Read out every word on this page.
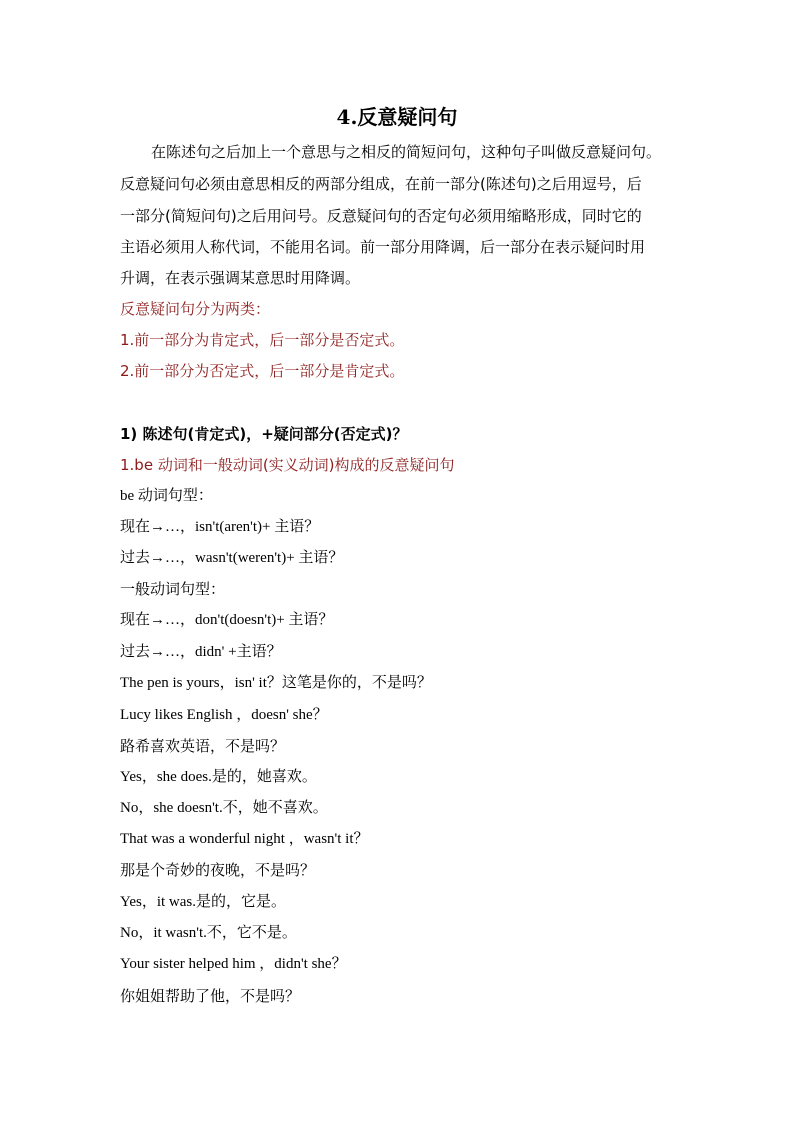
4.反意疑问句
在陈述句之后加上一个意思与之相反的简短问句，这种句子叫做反意疑问句。
反意疑问句必须由意思相反的两部分组成，在前一部分(陈述句)之后用逗号，后
一部分(简短问句)之后用问号。反意疑问句的否定句必须用缩略形成，同时它的
主语必须用人称代词，不能用名词。前一部分用降调，后一部分在表示疑问时用
升调，在表示强调某意思时用降调。
反意疑问句分为两类：
1.前一部分为肯定式，后一部分是否定式。
2.前一部分为否定式，后一部分是肯定式。
1) 陈述句(肯定式)，+疑问部分(否定式)？
1.be 动词和一般动词(实义动词)构成的反意疑问句
be 动词句型：
现在→…，isn't(aren't)+ 主语？
过去→…，wasn't(weren't)+ 主语？
一般动词句型：
现在→…，don't(doesn't)+ 主语？
过去→…，didn' +主语？
The pen is yours，isn' it？这笔是你的，不是吗？
Lucy likes English ，doesn' she？
路希喜欢英语，不是吗？
Yes，she does.是的，她喜欢。
No，she doesn't.不，她不喜欢。
That was a wonderful night ，wasn't it？
那是个奇妙的夜晚，不是吗？
Yes，it was.是的，它是。
No，it wasn't.不，它不是。
Your sister helped him ，didn't she？
你姐姐帮助了他，不是吗？
